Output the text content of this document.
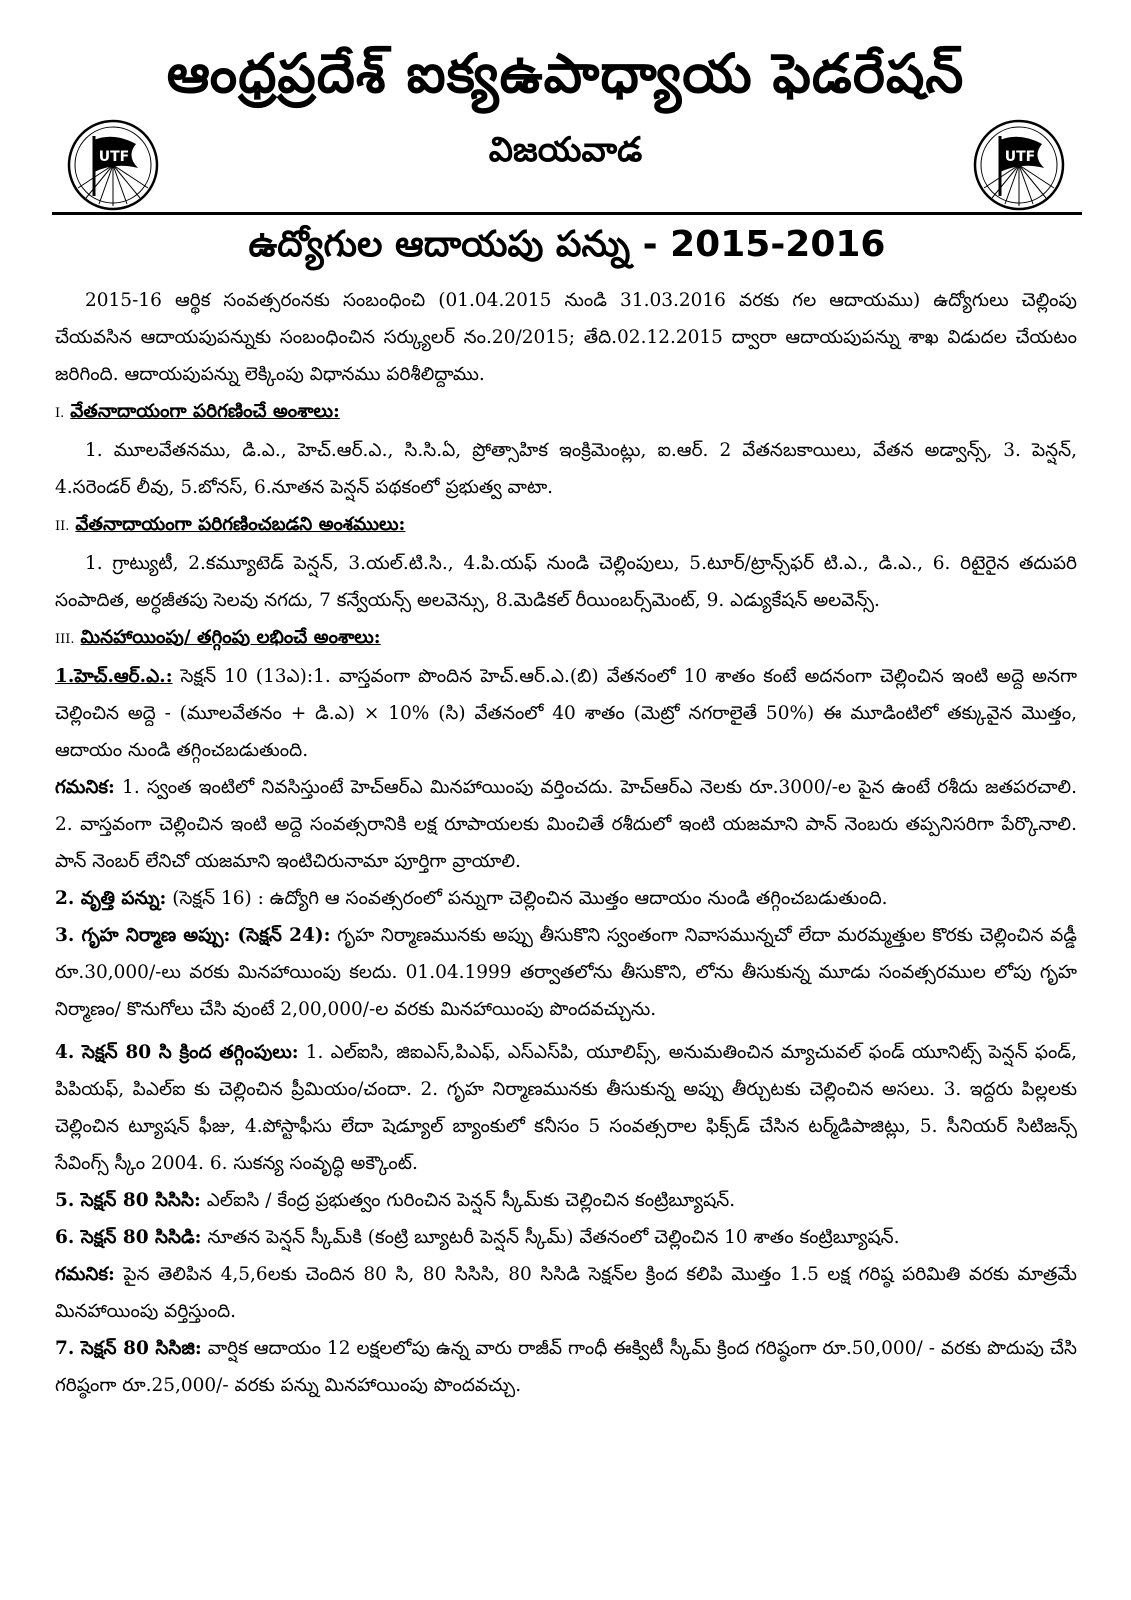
ఆంధ్రప్రదేశ్ ఐక్యఉపాధ్యాయ ఫెడరేషన్
విజయవాడ
UTF	UTF
ఉద్యోగుల ఆదాయపు పన్ను - 2015-2016

2015-16 ఆర్థిక సంవత్సరంనకు సంబంధించి (01.04.2015 నుండి 31.03.2016 వరకు గల ఆదాయము) ఉద్యోగులు చెల్లింపు చేయవసిన ఆదాయపుపన్నుకు సంబంధించిన సర్క్యులర్ నం.20/2015; తేది.02.12.2015 ద్వారా ఆదాయపుపన్ను శాఖ విడుదల చేయటం జరిగింది. ఆదాయపుపన్ను లెక్కింపు విధానము పరిశీలిద్దాము.

I. వేతనాదాయంగా పరిగణించే అంశాలు:

1. మూలవేతనము, డి.ఎ., హెచ్.ఆర్.ఎ., సి.సి.ఏ, ప్రోత్సాహిక ఇంక్రిమెంట్లు, ఐ.ఆర్. 2 వేతనబకాయిలు, వేతన అడ్వాన్స్, 3. పెన్షన్, 4.సరెండర్ లీవు, 5.బోనస్, 6.నూతన పెన్షన్ పథకంలో ప్రభుత్వ వాటా.

II. వేతనాదాయంగా పరిగణించబడని అంశములు:

1. గ్రాట్యుటీ, 2.కమ్యూటెడ్ పెన్షన్, 3.యల్.టి.సి., 4.పి.యఫ్ నుండి చెల్లింపులు, 5.టూర్/ట్రాన్స్‌ఫర్ టి.ఎ., డి.ఎ., 6. రిటైరైన తదుపరి సంపాదిత, అర్ధజీతపు సెలవు నగదు, 7 కన్వేయన్స్ అలవెన్సు, 8.మెడికల్ రీయింబర్స్‌మెంట్, 9. ఎడ్యుకేషన్ అలవెన్స్.

III. మినహాయింపు/ తగ్గింపు లభించే అంశాలు:

1.హెచ్.ఆర్.ఎ.: సెక్షన్ 10 (13ఎ):1. వాస్తవంగా పొందిన హెచ్.ఆర్.ఎ.(బి) వేతనంలో 10 శాతం కంటే అదనంగా చెల్లించిన ఇంటి అద్దె అనగా చెల్లించిన అద్దె - (మూలవేతనం + డి.ఎ) × 10% (సి) వేతనంలో 40 శాతం (మెట్రో నగరాలైతే 50%) ఈ మూడింటిలో తక్కువైన మొత్తం, ఆదాయం నుండి తగ్గించబడుతుంది.

గమనిక: 1. స్వంత ఇంటిలో నివసిస్తుంటే హెచ్ఆర్ఎ మినహాయింపు వర్తించదు. హెచ్ఆర్ఎ నెలకు రూ.3000/-ల పైన ఉంటే రశీదు జతపరచాలి. 2. వాస్తవంగా చెల్లించిన ఇంటి అద్దె సంవత్సరానికి లక్ష రూపాయలకు మించితే రశీదులో ఇంటి యజమాని పాన్ నెంబరు తప్పనిసరిగా పేర్కొనాలి. పాన్ నెంబర్ లేనిచో యజమాని ఇంటిచిరునామా పూర్తిగా వ్రాయాలి.

2. వృత్తి పన్ను: (సెక్షన్ 16) : ఉద్యోగి ఆ సంవత్సరంలో పన్నుగా చెల్లించిన మొత్తం ఆదాయం నుండి తగ్గించబడుతుంది.

3. గృహ నిర్మాణ అప్పు: (సెక్షన్ 24): గృహ నిర్మాణమునకు అప్పు తీసుకొని స్వంతంగా నివాసమున్నచో లేదా మరమ్మత్తుల కొరకు చెల్లించిన వడ్డీ రూ.30,000/-లు వరకు మినహాయింపు కలదు. 01.04.1999 తర్వాతలోను తీసుకొని, లోను తీసుకున్న మూడు సంవత్సరముల లోపు గృహ నిర్మాణం/ కొనుగోలు చేసి వుంటే 2,00,000/-ల వరకు మినహాయింపు పొందవచ్చును.

4. సెక్షన్ 80 సి క్రింద తగ్గింపులు: 1. ఎల్ఐసి, జిఐఎస్,పిఎఫ్, ఎస్ఎస్‌పి, యూలిప్స్, అనుమతించిన మ్యాచువల్ ఫండ్ యూనిట్స్ పెన్షన్ ఫండ్, పిపియఫ్, పిఎల్ఐ కు చెల్లించిన ప్రీమియం/చందా. 2. గృహ నిర్మాణమునకు తీసుకున్న అప్పు తీర్చుటకు చెల్లించిన అసలు. 3. ఇద్దరు పిల్లలకు చెల్లించిన ట్యూషన్ ఫీజు, 4.పోస్టాఫీసు లేదా షెడ్యూల్ బ్యాంకులో కనీసం 5 సంవత్సరాల ఫిక్స్‌డ్ చేసిన టర్మ్‌డిపాజిట్లు, 5. సీనియర్ సిటిజన్స్ సేవింగ్స్ స్కీం 2004. 6. సుకన్య సంవృద్ధి అక్కౌంట్.

5. సెక్షన్ 80 సిసిసి: ఎల్ఐసి / కేంద్ర ప్రభుత్వం గురించిన పెన్షన్ స్కీమ్‌కు చెల్లించిన కంట్రిబ్యూషన్.

6. సెక్షన్ 80 సిసిడి: నూతన పెన్షన్ స్కీమ్‌కి (కంట్రి బ్యూటరీ పెన్షన్ స్కీమ్) వేతనంలో చెల్లించిన 10 శాతం కంట్రిబ్యూషన్.

గమనిక: పైన తెలిపిన 4,5,6లకు చెందిన 80 సి, 80 సిసిసి, 80 సిసిడి సెక్షన్‌ల క్రింద కలిపి మొత్తం 1.5 లక్ష గరిష్ఠ పరిమితి వరకు మాత్రమే మినహాయింపు వర్తిస్తుంది.

7. సెక్షన్ 80 సిసిజి: వార్షిక ఆదాయం 12 లక్షలలోపు ఉన్న వారు రాజీవ్ గాంధీ ఈక్విటీ స్కీమ్ క్రింద గరిష్ఠంగా రూ.50,000/ - వరకు పొదుపు చేసి గరిష్ఠంగా రూ.25,000/- వరకు పన్ను మినహాయింపు పొందవచ్చు.
